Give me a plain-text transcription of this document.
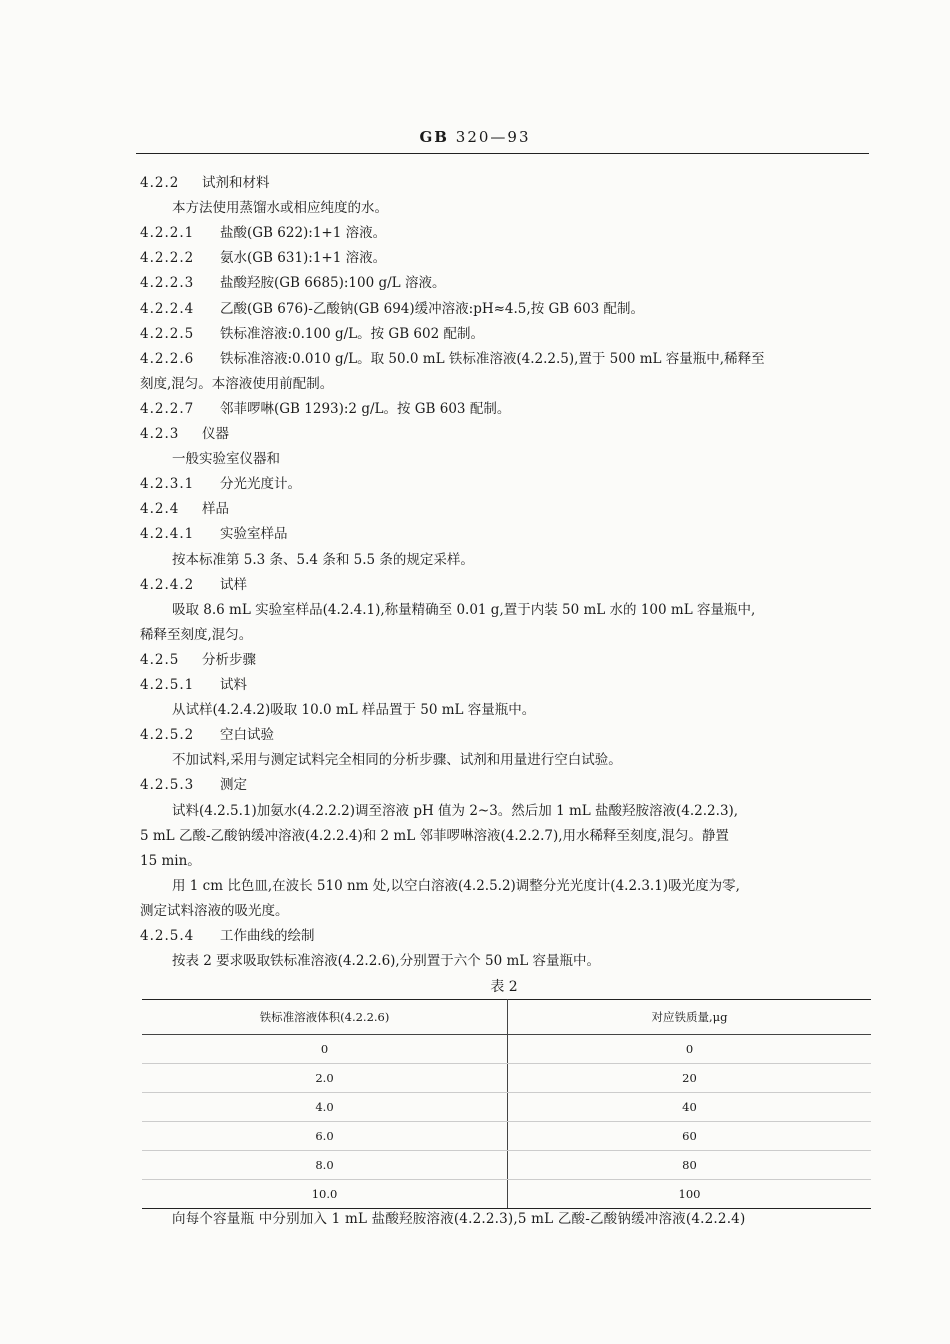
GB 320—93
4.2.2 试剂和材料
本方法使用蒸馏水或相应纯度的水。
4.2.2.1 盐酸(GB 622):1+1 溶液。
4.2.2.2 氨水(GB 631):1+1 溶液。
4.2.2.3 盐酸羟胺(GB 6685):100 g/L 溶液。
4.2.2.4 乙酸(GB 676)-乙酸钠(GB 694)缓冲溶液:pH≈4.5,按 GB 603 配制。
4.2.2.5 铁标准溶液:0.100 g/L。按 GB 602 配制。
4.2.2.6 铁标准溶液:0.010 g/L。取 50.0 mL 铁标准溶液(4.2.2.5),置于 500 mL 容量瓶中,稀释至
刻度,混匀。本溶液使用前配制。
4.2.2.7 邻菲啰啉(GB 1293):2 g/L。按 GB 603 配制。
4.2.3 仪器
一般实验室仪器和
4.2.3.1 分光光度计。
4.2.4 样品
4.2.4.1 实验室样品
按本标准第 5.3 条、5.4 条和 5.5 条的规定采样。
4.2.4.2 试样
吸取 8.6 mL 实验室样品(4.2.4.1),称量精确至 0.01 g,置于内装 50 mL 水的 100 mL 容量瓶中,
稀释至刻度,混匀。
4.2.5 分析步骤
4.2.5.1 试料
从试样(4.2.4.2)吸取 10.0 mL 样品置于 50 mL 容量瓶中。
4.2.5.2 空白试验
不加试料,采用与测定试料完全相同的分析步骤、试剂和用量进行空白试验。
4.2.5.3 测定
试料(4.2.5.1)加氨水(4.2.2.2)调至溶液 pH 值为 2~3。然后加 1 mL 盐酸羟胺溶液(4.2.2.3),
5 mL 乙酸-乙酸钠缓冲溶液(4.2.2.4)和 2 mL 邻菲啰啉溶液(4.2.2.7),用水稀释至刻度,混匀。静置
15 min。
用 1 cm 比色皿,在波长 510 nm 处,以空白溶液(4.2.5.2)调整分光光度计(4.2.3.1)吸光度为零,
测定试料溶液的吸光度。
4.2.5.4 工作曲线的绘制
按表 2 要求吸取铁标准溶液(4.2.2.6),分别置于六个 50 mL 容量瓶中。
表 2
铁标准溶液体积(4.2.2.6)	对应铁质量,μg
0	0
2.0	20
4.0	40
6.0	60
8.0	80
10.0	100
向每个容量瓶 中分别加入 1 mL 盐酸羟胺溶液(4.2.2.3),5 mL 乙酸-乙酸钠缓冲溶液(4.2.2.4)
